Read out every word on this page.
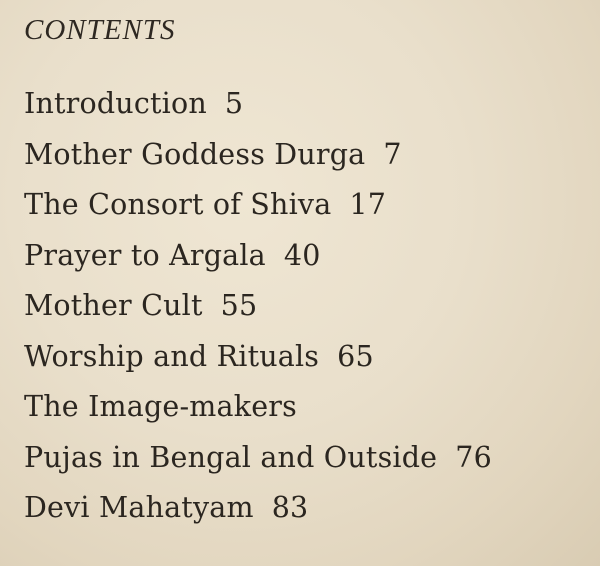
CONTENTS
Introduction 5
Mother Goddess Durga 7
The Consort of Shiva 17
Prayer to Argala 40
Mother Cult 55
Worship and Rituals 65
The Image-makers
Pujas in Bengal and Outside 76
Devi Mahatyam 83
